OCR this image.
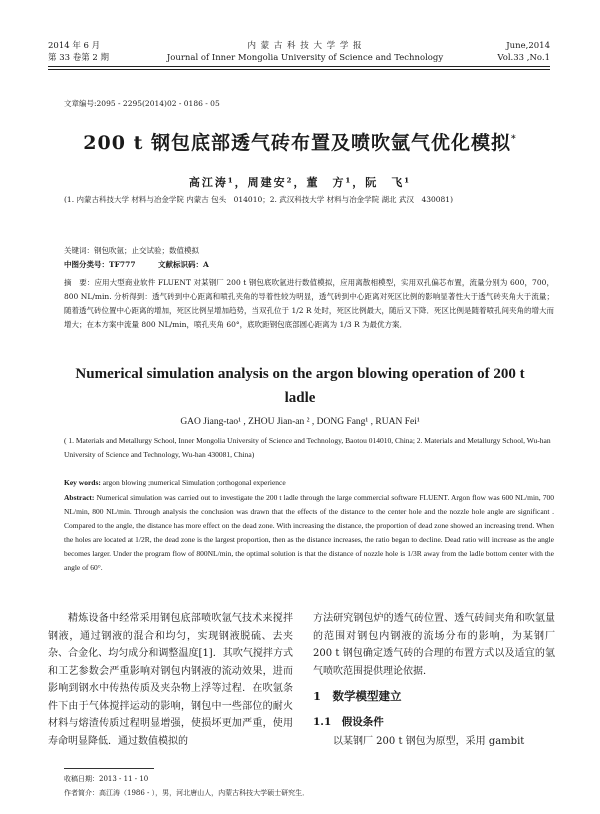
2014 年 6 月
第 33 卷第 2 期
内 蒙 古 科 技 大 学 学 报
Journal of Inner Mongolia University of Science and Technology
June,2014
Vol.33 ,No.1
文章编号:2095 - 2295(2014)02 - 0186 - 05
200 t 钢包底部透气砖布置及喷吹氩气优化模拟*
高江涛¹，周建安²，董　方¹，阮　飞¹
(1. 内蒙古科技大学 材料与冶金学院 内蒙古 包头　014010；2. 武汉科技大学 材料与冶金学院 湖北 武汉　430081)
关键词：钢包吹氩；止交试验；数值模拟
中图分类号：TF777　　　文献标识码：A
摘　要：应用大型商业软件 FLUENT 对某钢厂 200 t 钢包底吹氩进行数值模拟，应用离散相模型，实用双孔偏芯布置，流量分别为 600，700，800 NL/min. 分析得到：透气砖到中心距离和喷孔夹角的导着性较为明显，透气砖到中心距离对死区比例的影响显著性大于透气砖夹角大于流量；随着透气砖位置中心距离的增加，死区比例呈增加趋势，当双孔位于 1/2 R 处时，死区比例最大，随后又下降．死区比例是随着喷孔间夹角的增大而增大；在本方案中流量 800 NL/min，喷孔夹角 60°，底吹距钢包底部圆心距离为 1/3 R 为最优方案．
Numerical simulation analysis on the argon blowing operation of 200 t ladle
GAO Jiang-tao¹ , ZHOU Jian-an ² , DONG Fang¹ , RUAN Fei¹
( 1. Materials and Metallurgy School, Inner Mongolia University of Science and Technology, Baotou 014010, China; 2. Materials and Metallurgy School, Wu-han University of Science and Technology, Wu-han 430081, China)
Key words: argon blowing ;numerical Simulation ;orthogonal experience
Abstract: Numerical simulation was carried out to investigate the 200 t ladle through the large commercial software FLUENT. Argon flow was 600 NL/min, 700 NL/min, 800 NL/min. Through analysis the conclusion was drawn that the effects of the distance to the center hole and the nozzle hole angle are significant . Compared to the angle, the distance has more effect on the dead zone. With increasing the distance, the proportion of dead zone showed an increasing trend. When the holes are located at 1/2R, the dead zone is the largest proportion, then as the distance increases, the ratio began to decline. Dead ratio will increase as the angle becomes larger. Under the program flow of 800NL/min, the optimal solution is that the distance of nozzle hole is 1/3R away from the ladle bottom center with the angle of 60°.
精炼设备中经常采用钢包底部喷吹氩气技术来搅拌钢液，通过钢液的混合和均匀，实现钢液脱硫、去夹杂、合金化、均匀成分和调整温度[1]．其吹气搅拌方式和工艺参数会严重影响对钢包内钢液的流动效果，进而影响到钢水中传热传质及夹杂物上浮等过程．在吹氩条件下由于气体搅拌运动的影响，钢包中一些部位的耐火材料与熔渣传质过程明显增强，使损坏更加严重，使用寿命明显降低．通过数值模拟的
方法研究钢包炉的透气砖位置、透气砖间夹角和吹氩量的范围对钢包内钢液的流场分布的影响，为某钢厂 200 t 钢包确定透气砖的合理的布置方式以及适宜的氩气喷吹范围提供理论依据．
1　数学模型建立
1.1　假设条件
以某钢厂 200 t 钢包为原型，采用 gambit
收稿日期：2013 - 11 - 10
作者简介：高江涛（1986 - ），男，河北唐山人，内蒙古科技大学硕士研究生．
